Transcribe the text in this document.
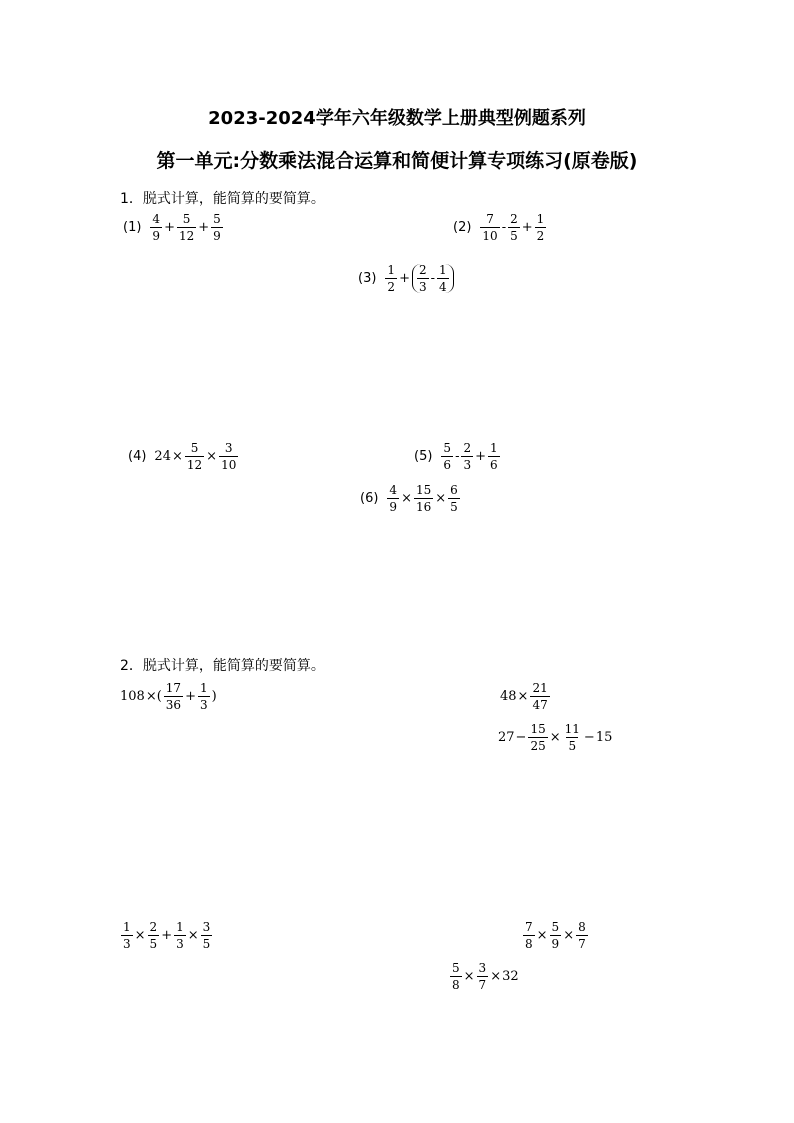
2023-2024学年六年级数学上册典型例题系列
第一单元:分数乘法混合运算和简便计算专项练习(原卷版)
1．脱式计算，能简算的要简算。
$(1) \frac{4}{9} + \frac{5}{12} + \frac{5}{9}$	$(2) \frac{7}{10} - \frac{2}{5} + \frac{1}{2}$
$(3) \frac{1}{2} + \frac{2}{3} - \frac{1}{4}$
(4) $24 \times \frac{5}{12} \times \frac{3}{10}$	$(5) \frac{5}{6} - \frac{2}{3} + \frac{1}{6}$
$(6) \frac{4}{9} \times \frac{15}{16} \times \frac{6}{5}$
2．脱式计算，能简算的要简算。
108 ×( $\frac{17}{36} + \frac{1}{3}$ )	$48 \times \frac{21}{47}$
$27 - \frac{15}{25} \times \frac{11}{5} - 15$
$\frac{1}{3} \times \frac{2}{5} + \frac{1}{3} \times \frac{3}{5}$	$\frac{7}{8} \times \frac{5}{9} \times \frac{8}{7}$
$\frac{5}{8} \times \frac{3}{7} \times 32$
